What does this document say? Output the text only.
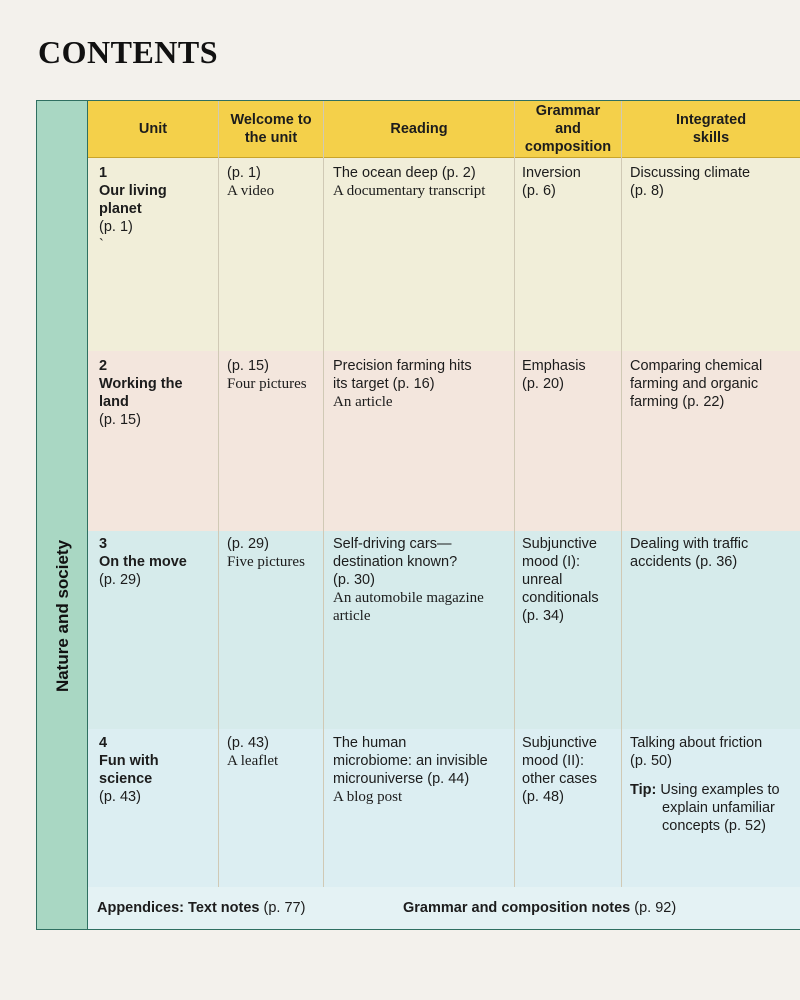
CONTENTS
Nature and society
Appendices: Text notes (p. 77)	Grammar and composition notes (p. 92)
Unit
Welcome to
the unit
Reading
Grammar
and
composition
Integrated
skills
1
Our living
planet
(p. 1)
`
(p. 1)
A video
The ocean deep (p. 2)
A documentary transcript
Inversion
(p. 6)
Discussing climate
(p. 8)
2
Working the
land
(p. 15)
(p. 15)
Four pictures
Precision farming hits
its target (p. 16)
An article
Emphasis
(p. 20)
Comparing chemical
farming and organic
farming (p. 22)
3
On the move
(p. 29)
(p. 29)
Five pictures
Self-driving cars—
destination known?
(p. 30)
An automobile magazine
article
Subjunctive
mood (I):
unreal
conditionals
(p. 34)
Dealing with traffic
accidents (p. 36)
4
Fun with
science
(p. 43)
(p. 43)
A leaflet
The human
microbiome: an invisible
microuniverse (p. 44)
A blog post
Subjunctive
mood (II):
other cases
(p. 48)
Talking about friction
(p. 50)
Tip: Using examples to
explain unfamiliar
concepts (p. 52)
